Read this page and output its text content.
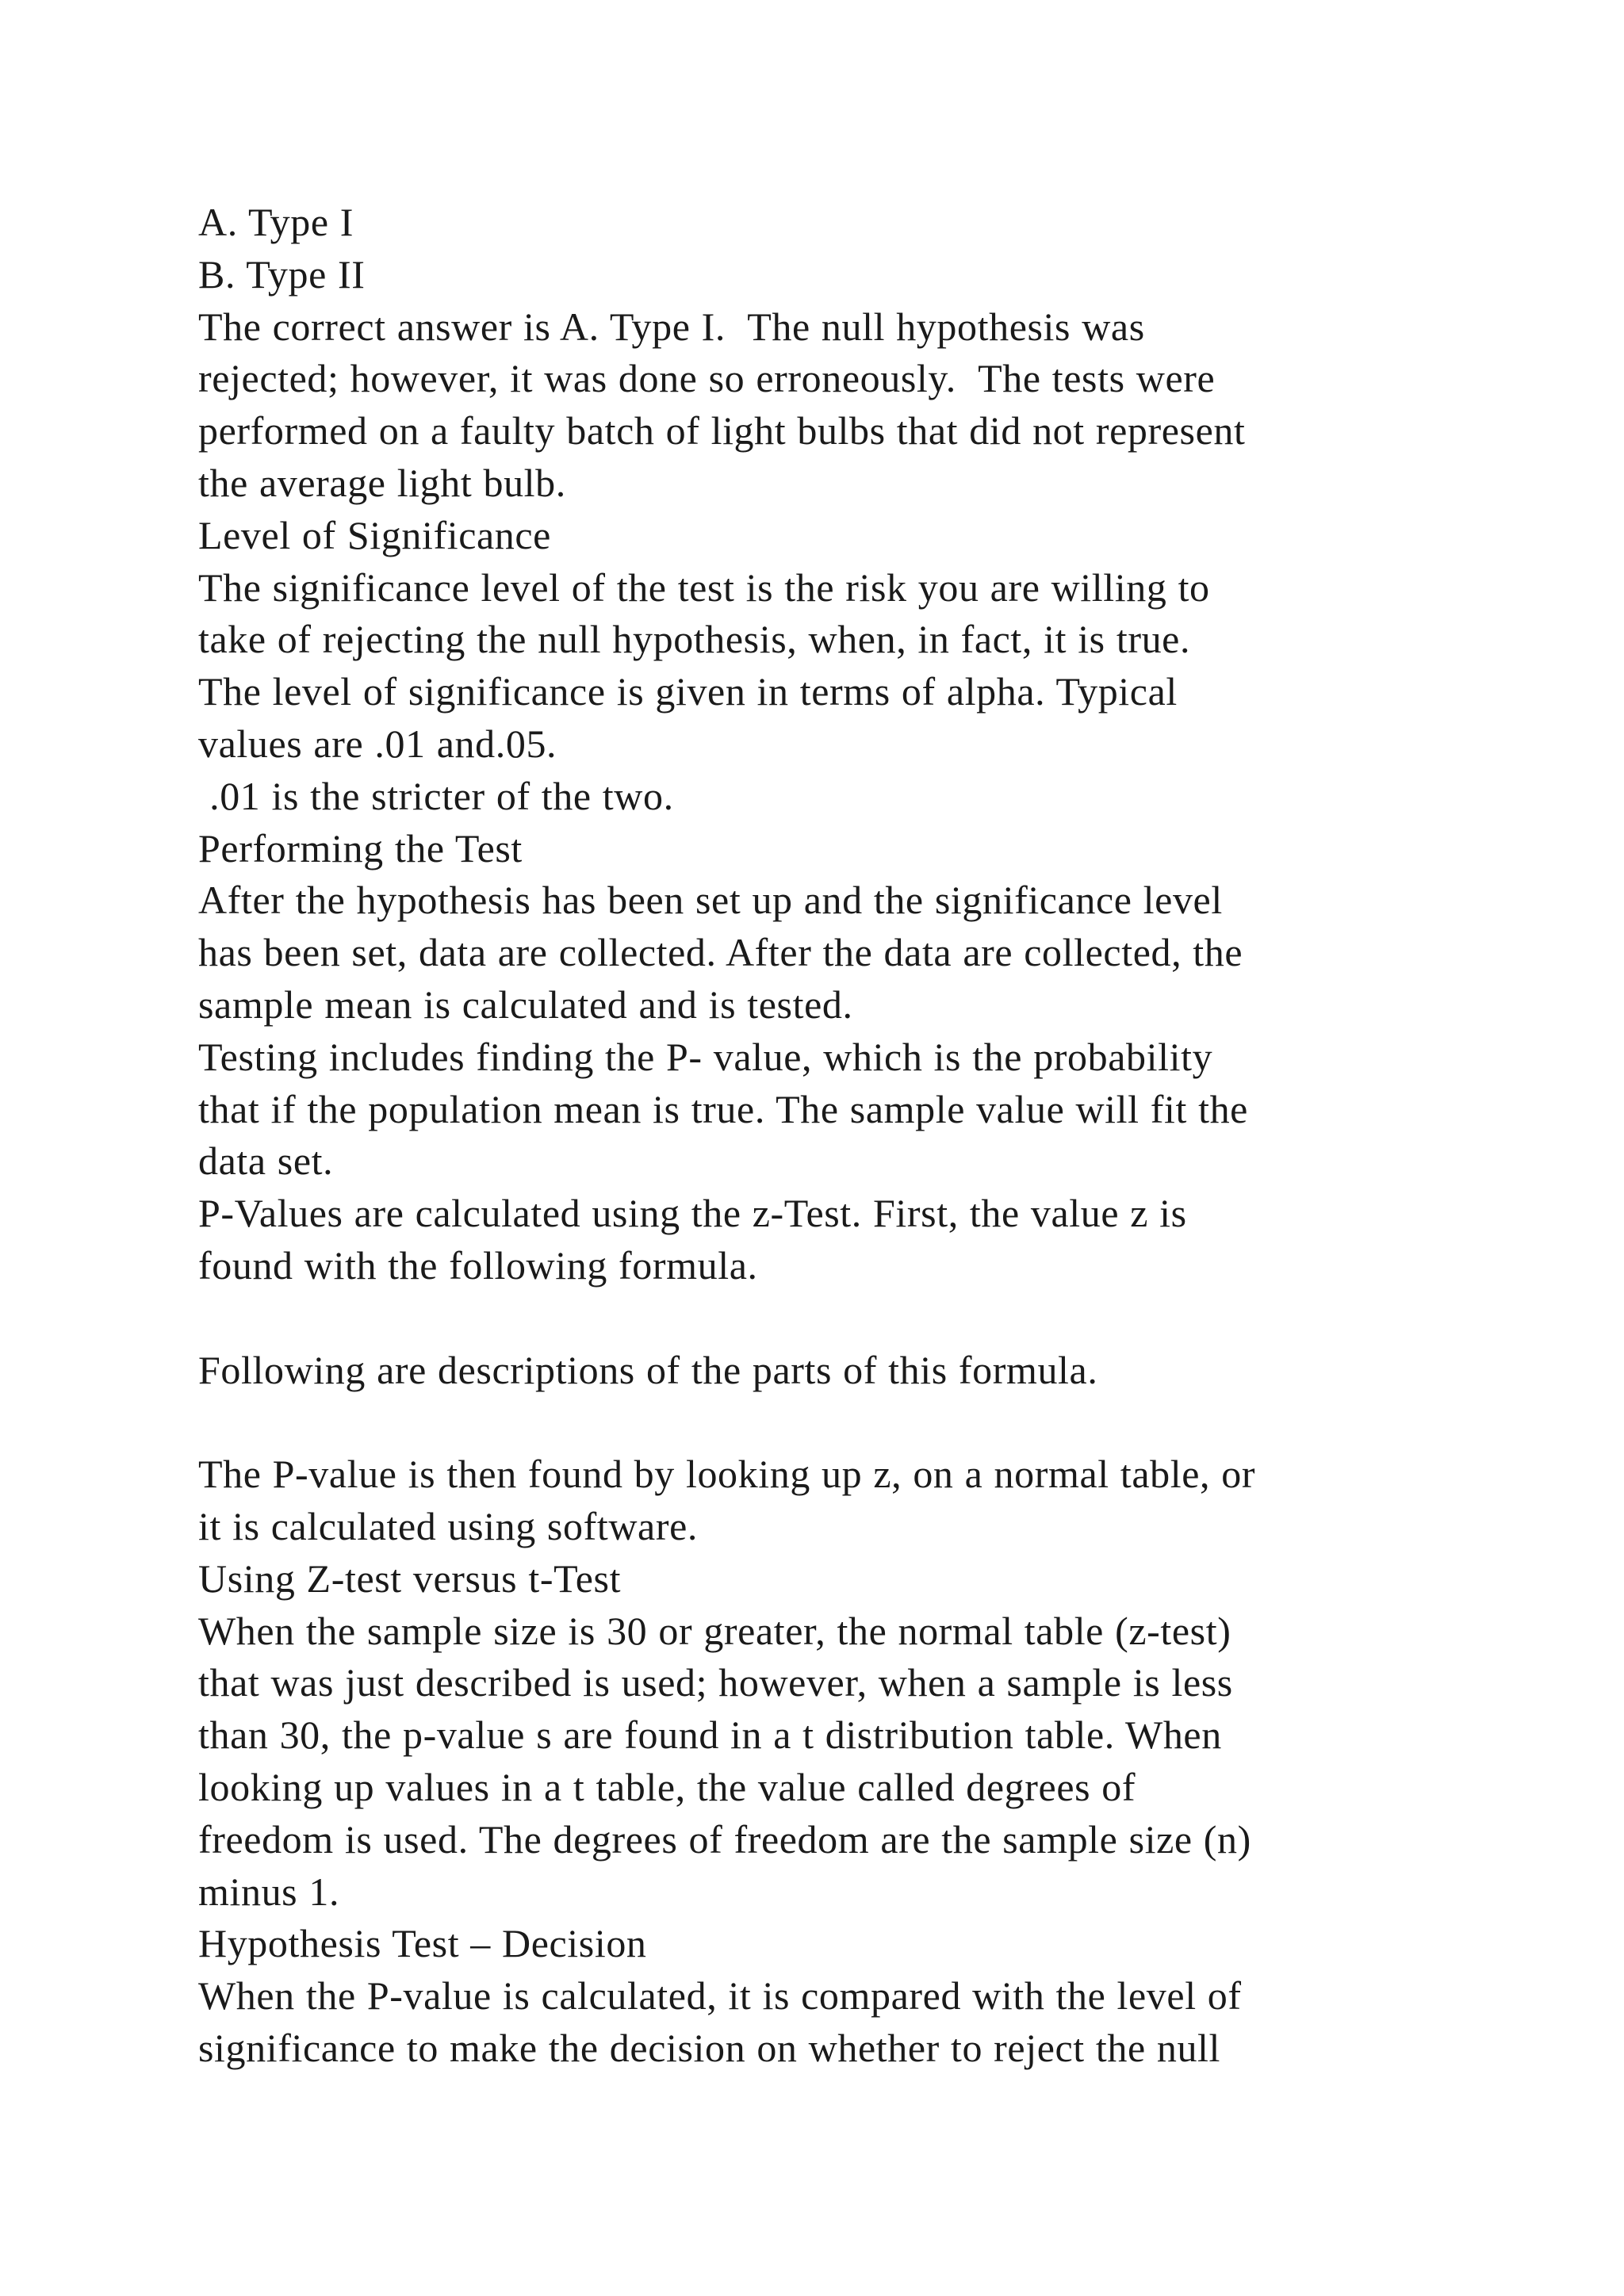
A. Type I
B. Type II
The correct answer is A. Type I.  The null hypothesis was
rejected; however, it was done so erroneously.  The tests were
performed on a faulty batch of light bulbs that did not represent
the average light bulb.
Level of Significance
The significance level of the test is the risk you are willing to
take of rejecting the null hypothesis, when, in fact, it is true.
The level of significance is given in terms of alpha. Typical
values are .01 and.05.
.01 is the stricter of the two.
Performing the Test
After the hypothesis has been set up and the significance level
has been set, data are collected. After the data are collected, the
sample mean is calculated and is tested.
Testing includes finding the P- value, which is the probability
that if the population mean is true. The sample value will fit the
data set.
P-Values are calculated using the z-Test. First, the value z is
found with the following formula.
Following are descriptions of the parts of this formula.
The P-value is then found by looking up z, on a normal table, or
it is calculated using software.
Using Z-test versus t-Test
When the sample size is 30 or greater, the normal table (z-test)
that was just described is used; however, when a sample is less
than 30, the p-value s are found in a t distribution table. When
looking up values in a t table, the value called degrees of
freedom is used. The degrees of freedom are the sample size (n)
minus 1.
Hypothesis Test – Decision
When the P-value is calculated, it is compared with the level of
significance to make the decision on whether to reject the null
